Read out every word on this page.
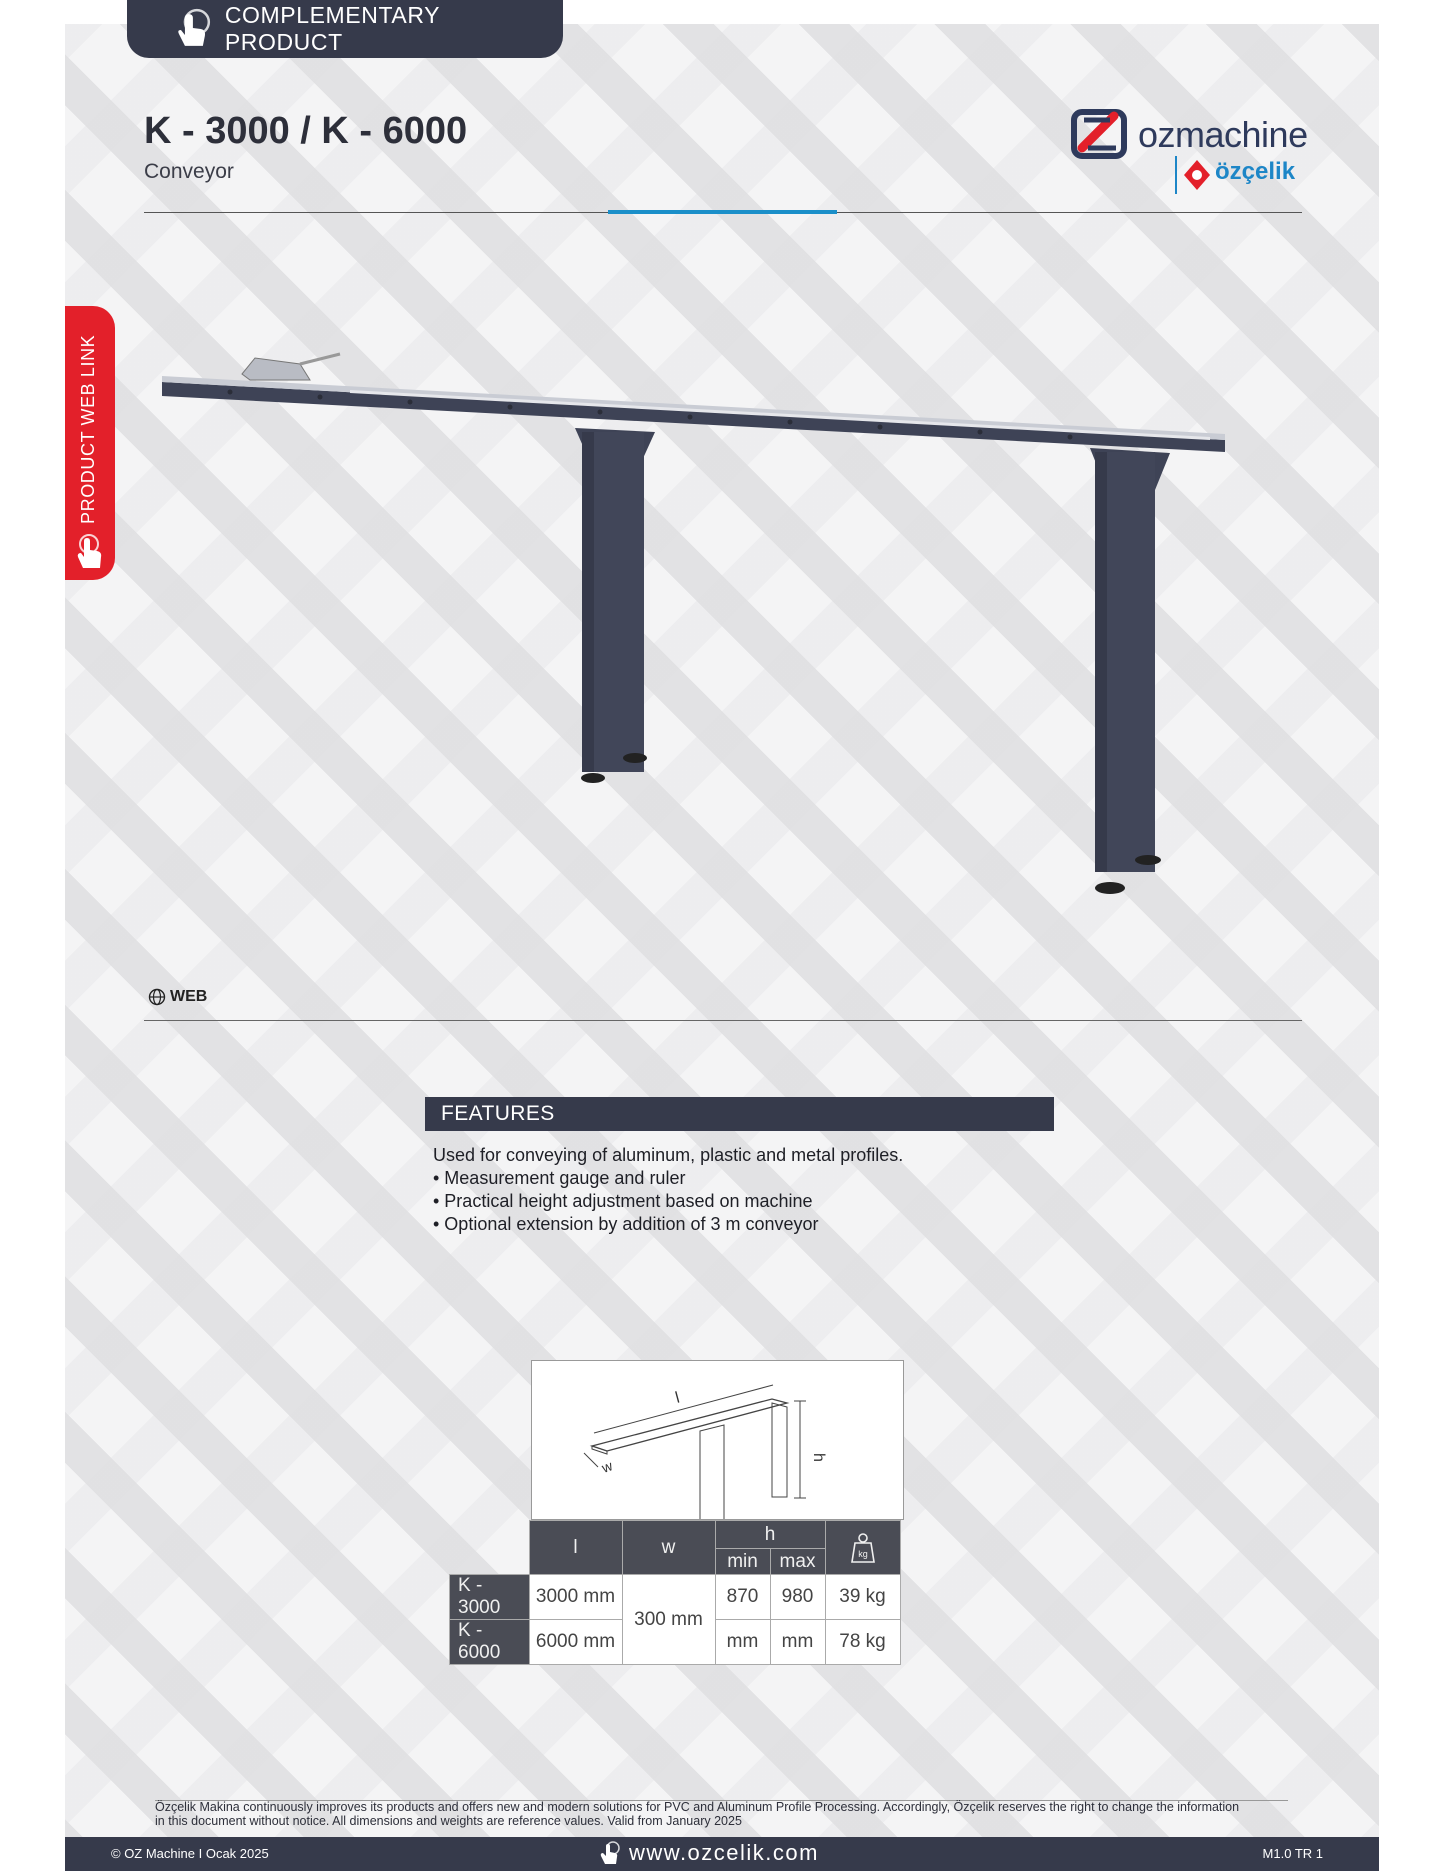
COMPLEMENTARY PRODUCT
K - 3000 / K - 6000
Conveyor
ozmachine
özçelik
PRODUCT WEB LINK
WEB
FEATURES
Used for conveying of aluminum, plastic and metal profiles.
• Measurement gauge and ruler
• Practical height adjustment based on machine
• Optional extension by addition of 3 m conveyor
l
w	h
	l	w	h		kg

			min	max	
K - 3000	3000 mm	300 mm	870	980	39 kg
K - 6000	6000 mm		mm	mm	78 kg
Özçelik Makina continuously improves its products and offers new and modern solutions for PVC and Aluminum Profile Processing. Accordingly, Özçelik reserves the right to change the information
in this document without notice. All dimensions and weights are reference values. Valid from January 2025
© OZ Machine I Ocak 2025	www.ozcelik.com	M1.0 TR 1
